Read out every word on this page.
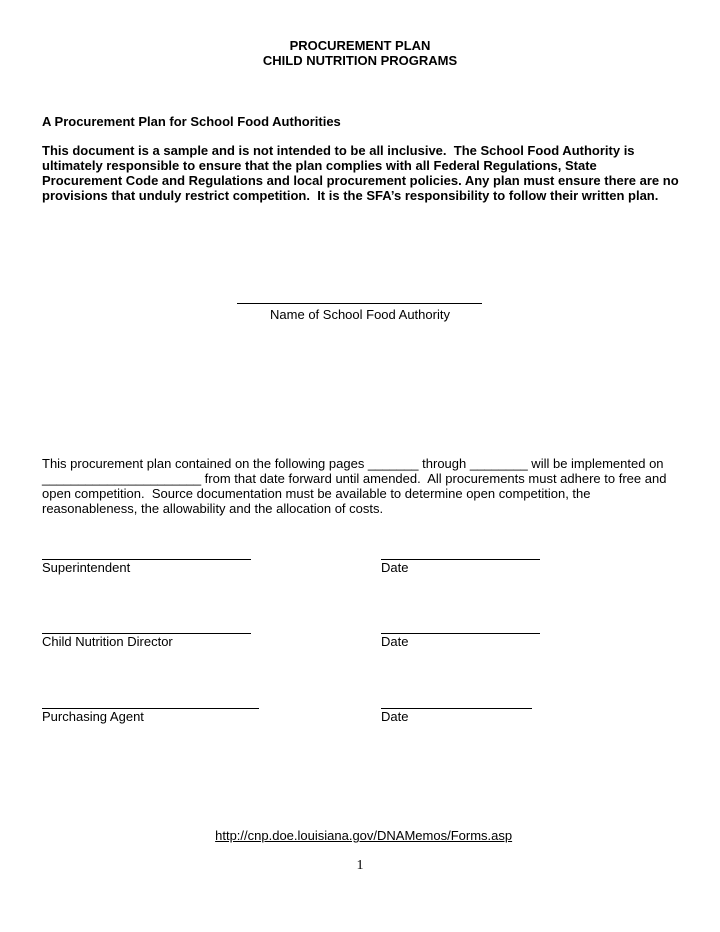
PROCUREMENT PLAN
CHILD NUTRITION PROGRAMS
A Procurement Plan for School Food Authorities
This document is a sample and is not intended to be all inclusive.  The School Food Authority is
ultimately responsible to ensure that the plan complies with all Federal Regulations, State
Procurement Code and Regulations and local procurement policies. Any plan must ensure there are no
provisions that unduly restrict competition.  It is the SFA’s responsibility to follow their written plan.
Name of School Food Authority
This procurement plan contained on the following pages _______ through ________ will be implemented on
______________________ from that date forward until amended.  All procurements must adhere to free and
open competition.  Source documentation must be available to determine open competition, the
reasonableness, the allowability and the allocation of costs.
Superintendent	Date
Child Nutrition Director	Date
Purchasing Agent	Date

http://cnp.doe.louisiana.gov/DNAMemos/Forms.asp

1
